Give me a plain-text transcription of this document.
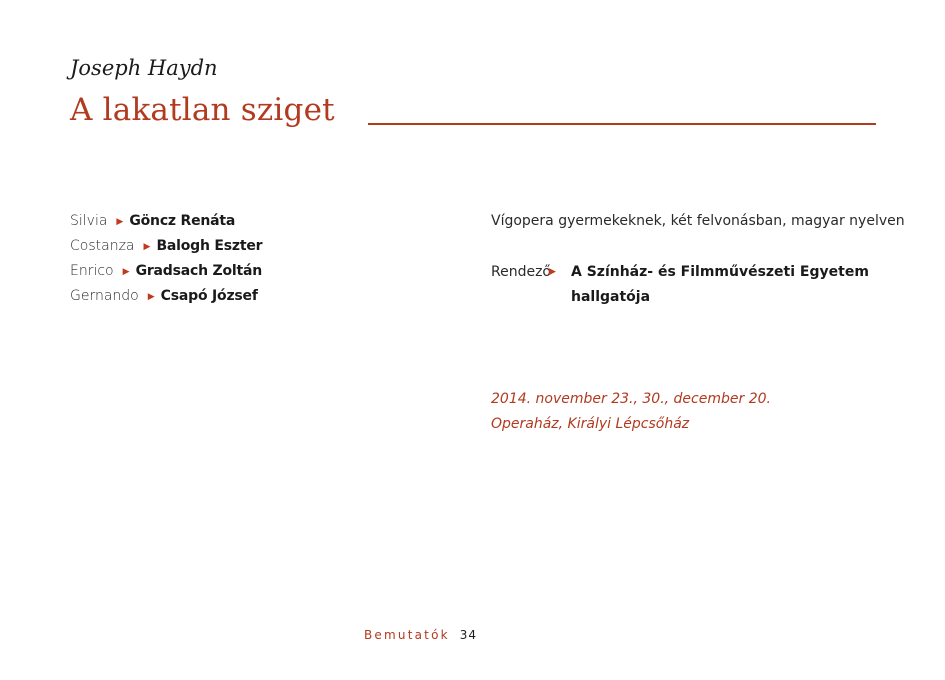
Joseph Haydn
A lakatlan sziget
Silvia ▶ Göncz Renáta
Costanza ▶ Balogh Eszter
Enrico ▶ Gradsach Zoltán
Gernando ▶ Csapó József
Vígopera gyermekeknek, két felvonásban, magyar nyelven
Rendező
▶ A Színház- és Filmművészeti Egyetem hallgatója
2014. november 23., 30., december 20.
Operaház, Királyi Lépcsőház
Bemutatók 34
